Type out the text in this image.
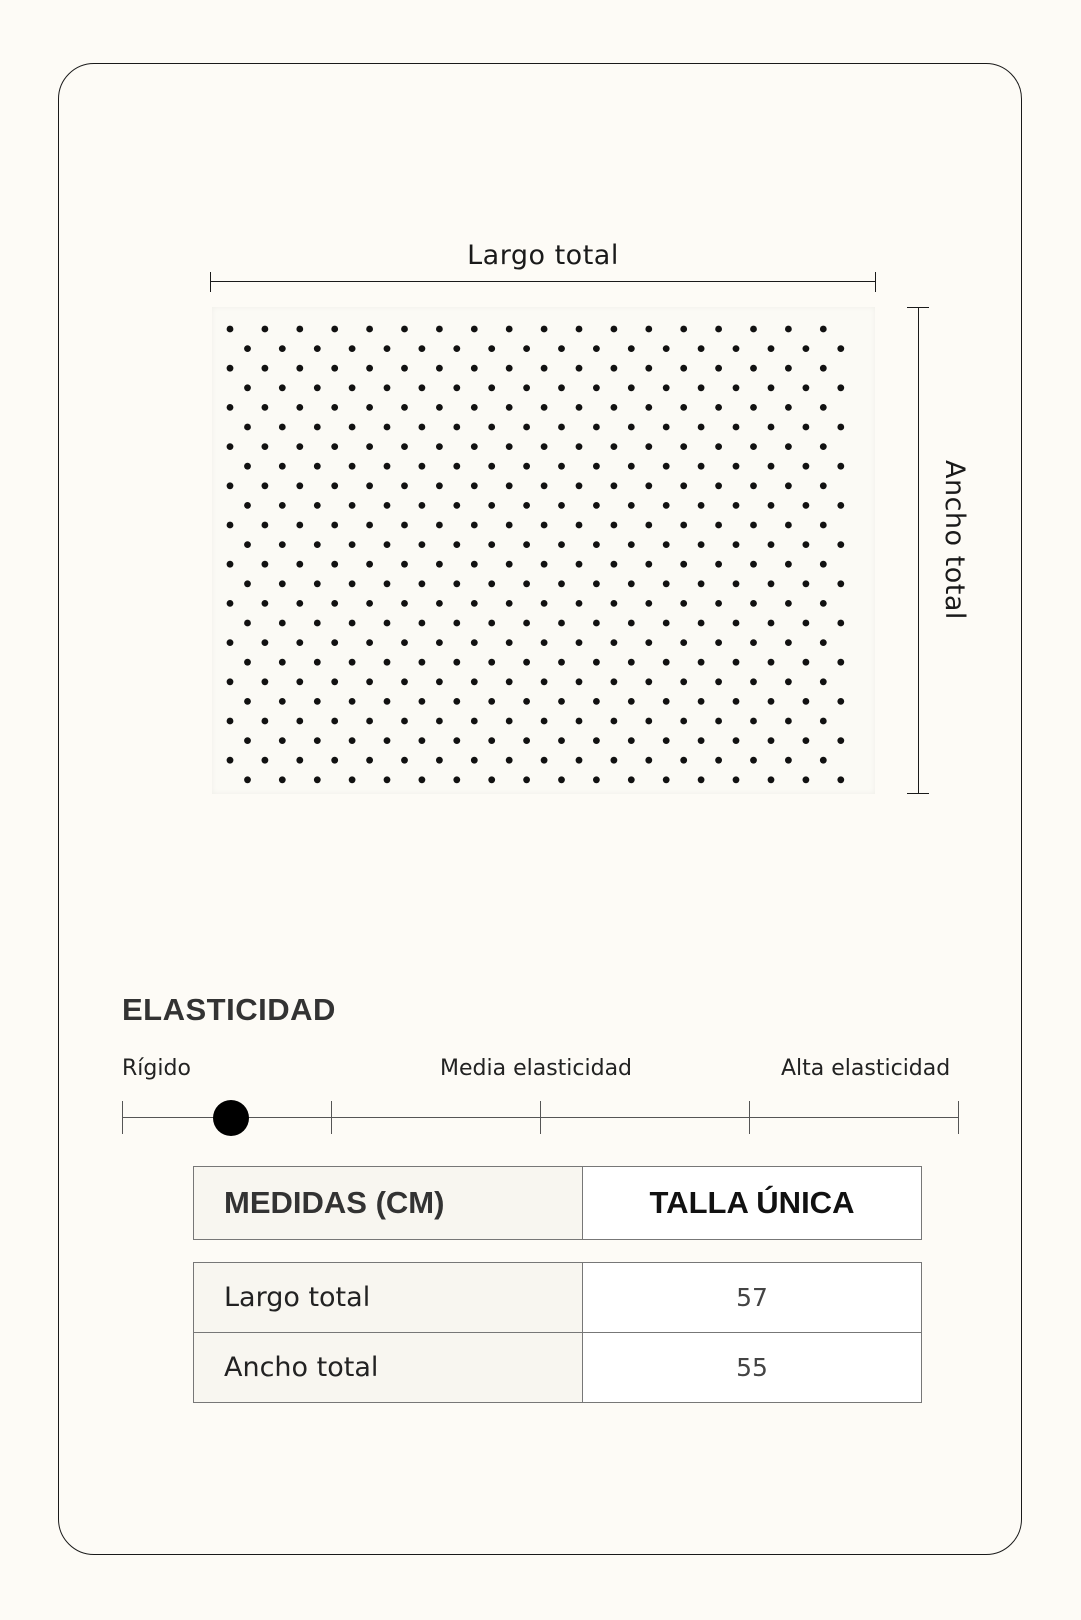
Largo total
Ancho total
ELASTICIDAD
Rígido	Media elasticidad	Alta elasticidad
MEDIDAS (CM)	TALLA ÚNICA
Largo total	57
Ancho total	55
